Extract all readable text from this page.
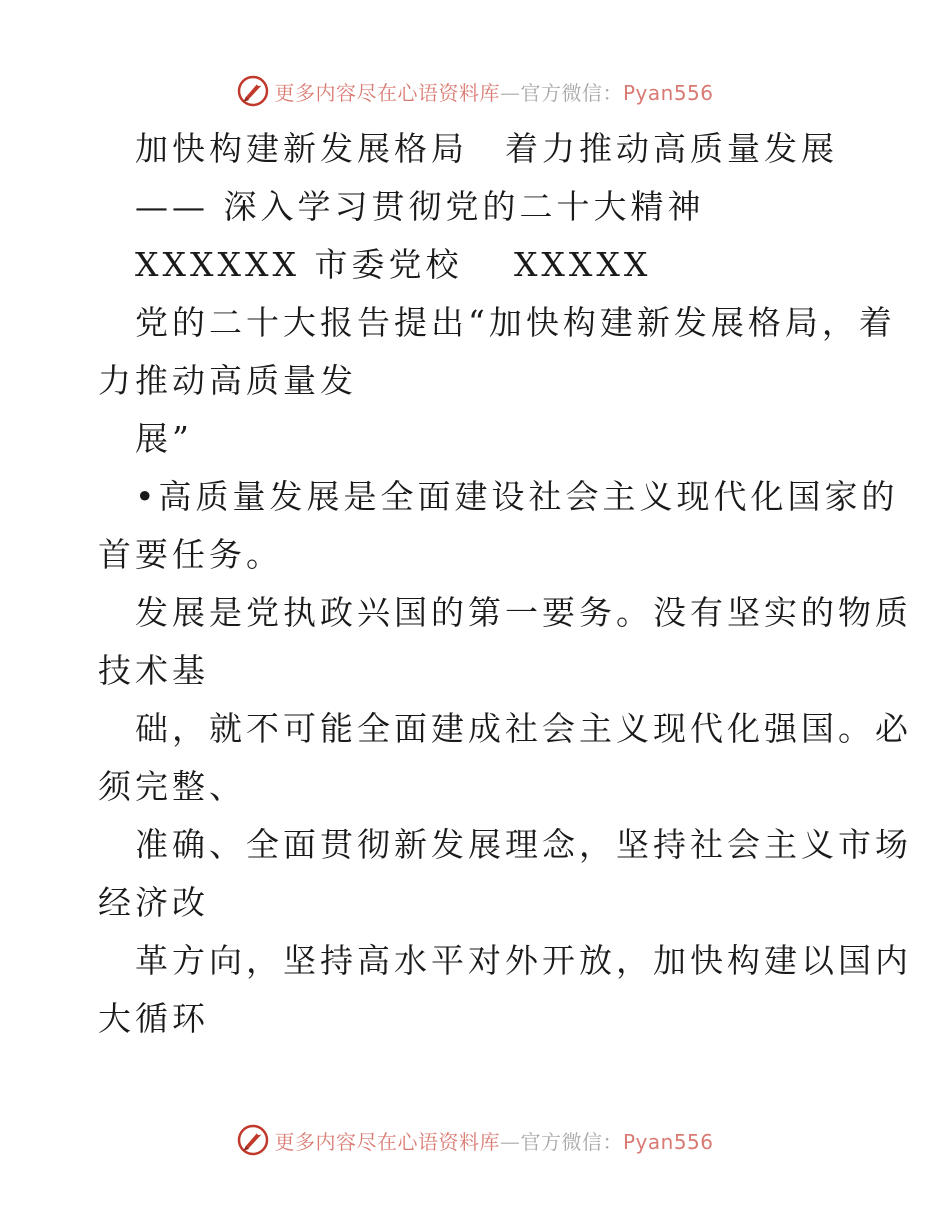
更多内容尽在心语资料库—官方微信：Pyan556
加快构建新发展格局　着力推动高质量发展
—— 深入学习贯彻党的二十大精神
XXXXXX 市委党校　 XXXXX
党的二十大报告提出“加快构建新发展格局，着
力推动高质量发
展”
•高质量发展是全面建设社会主义现代化国家的
首要任务。
发展是党执政兴国的第一要务。没有坚实的物质
技术基
础，就不可能全面建成社会主义现代化强国。必
须完整、
准确、全面贯彻新发展理念，坚持社会主义市场
经济改
革方向，坚持高水平对外开放，加快构建以国内
大循环
更多内容尽在心语资料库—官方微信：Pyan556
